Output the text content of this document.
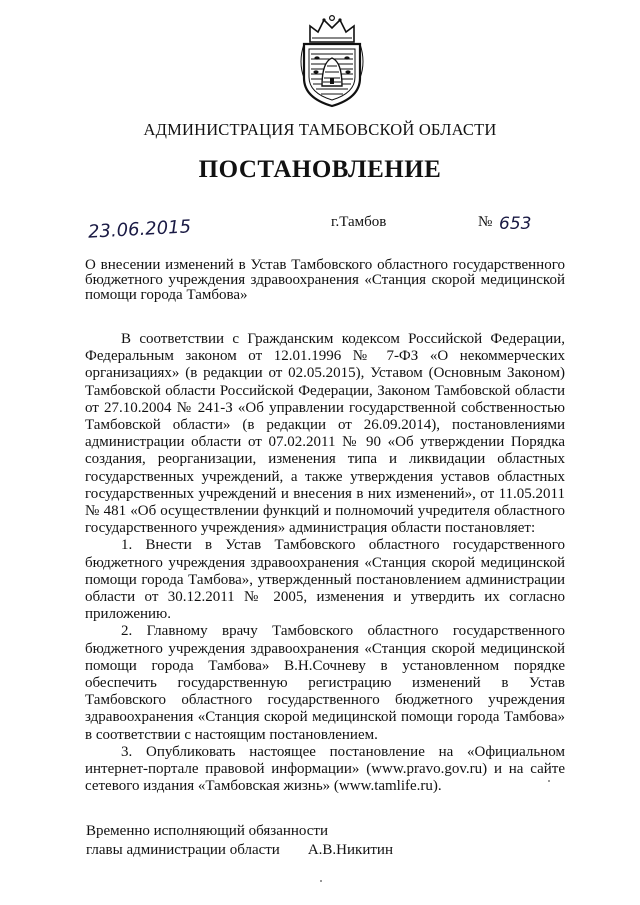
АДМИНИСТРАЦИЯ ТАМБОВСКОЙ ОБЛАСТИ
ПОСТАНОВЛЕНИЕ
23.06.2015	г.Тамбов	№ 653
О внесении изменений в Устав Тамбовского областного государственного бюджетного учреждения здравоохранения «Станция скорой медицинской помощи города Тамбова»

В соответствии с Гражданским кодексом Российской Федерации, Федеральным законом от 12.01.1996 № 7-ФЗ «О некоммерческих организациях» (в редакции от 02.05.2015), Уставом (Основным Законом) Тамбовской области Российской Федерации, Законом Тамбовской области от 27.10.2004 № 241-З «Об управлении государственной собственностью Тамбовской области» (в редакции от 26.09.2014), постановлениями администрации области от 07.02.2011 № 90 «Об утверждении Порядка создания, реорганизации, изменения типа и ликвидации областных государственных учреждений, а также утверждения уставов областных государственных учреждений и внесения в них изменений», от 11.05.2011 № 481 «Об осуществлении функций и полномочий учредителя областного государственного учреждения» администрация области постановляет:

1. Внести в Устав Тамбовского областного государственного бюджетного учреждения здравоохранения «Станция скорой медицинской помощи города Тамбова», утвержденный постановлением администрации области от 30.12.2011 № 2005, изменения и утвердить их согласно приложению.

2. Главному врачу Тамбовского областного государственного бюджетного учреждения здравоохранения «Станция скорой медицинской помощи города Тамбова» В.Н.Сочневу в установленном порядке обеспечить государственную регистрацию изменений в Устав Тамбовского областного государственного бюджетного учреждения здравоохранения «Станция скорой медицинской помощи города Тамбова» в соответствии с настоящим постановлением.

3. Опубликовать настоящее постановление на «Официальном интернет-портале правовой информации» (www.pravo.gov.ru) и на сайте сетевого издания «Тамбовская жизнь» (www.tamlife.ru).

Временно исполняющий обязанности
главы администрации области А.В.Никитин
